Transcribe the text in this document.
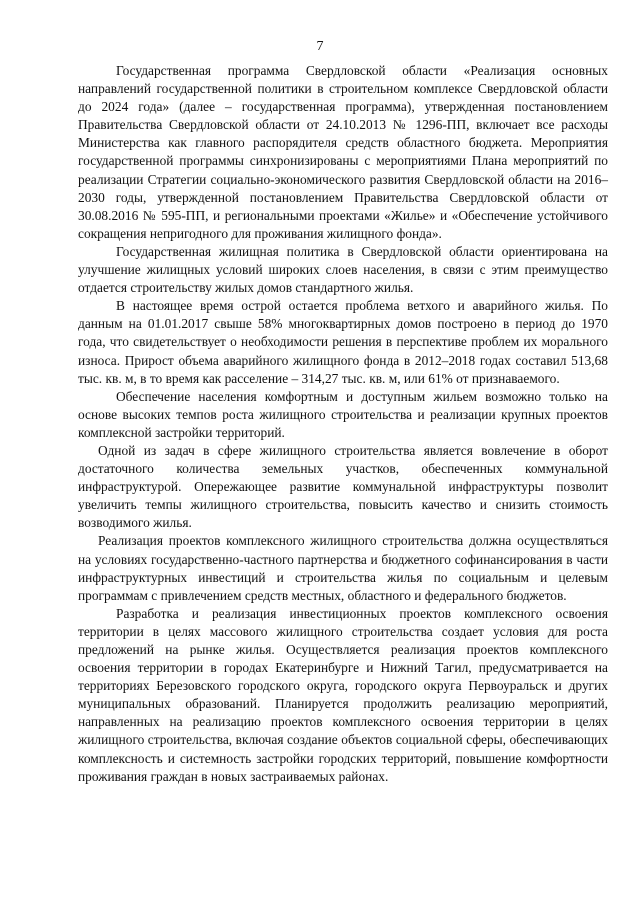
7

Государственная программа Свердловской области «Реализация основных направлений государственной политики в строительном комплексе Свердловской области до 2024 года» (далее – государственная программа), утвержденная постановлением Правительства Свердловской области от 24.10.2013 № 1296-ПП, включает все расходы Министерства как главного распорядителя средств областного бюджета. Мероприятия государственной программы синхронизированы с мероприятиями Плана мероприятий по реализации Стратегии социально-экономического развития Свердловской области на 2016–2030 годы, утвержденной постановлением Правительства Свердловской области от 30.08.2016 № 595-ПП, и региональными проектами «Жилье» и «Обеспечение устойчивого сокращения непригодного для проживания жилищного фонда».

Государственная жилищная политика в Свердловской области ориентирована на улучшение жилищных условий широких слоев населения, в связи с этим преимущество отдается строительству жилых домов стандартного жилья.

В настоящее время острой остается проблема ветхого и аварийного жилья. По данным на 01.01.2017 свыше 58% многоквартирных домов построено в период до 1970 года, что свидетельствует о необходимости решения в перспективе проблем их морального износа. Прирост объема аварийного жилищного фонда в 2012–2018 годах составил 513,68 тыс. кв. м, в то время как расселение – 314,27 тыс. кв. м, или 61% от признаваемого.

Обеспечение населения комфортным и доступным жильем возможно только на основе высоких темпов роста жилищного строительства и реализации крупных проектов комплексной застройки территорий.

Одной из задач в сфере жилищного строительства является вовлечение в оборот достаточного количества земельных участков, обеспеченных коммунальной инфраструктурой. Опережающее развитие коммунальной инфраструктуры позволит увеличить темпы жилищного строительства, повысить качество и снизить стоимость возводимого жилья.

Реализация проектов комплексного жилищного строительства должна осуществляться на условиях государственно-частного партнерства и бюджетного софинансирования в части инфраструктурных инвестиций и строительства жилья по социальным и целевым программам с привлечением средств местных, областного и федерального бюджетов.

Разработка и реализация инвестиционных проектов комплексного освоения территории в целях массового жилищного строительства создает условия для роста предложений на рынке жилья. Осуществляется реализация проектов комплексного освоения территории в городах Екатеринбурге и Нижний Тагил, предусматривается на территориях Березовского городского округа, городского округа Первоуральск и других муниципальных образований. Планируется продолжить реализацию мероприятий, направленных на реализацию проектов комплексного освоения территории в целях жилищного строительства, включая создание объектов социальной сферы, обеспечивающих комплексность и системность застройки городских территорий, повышение комфортности проживания граждан в новых застраиваемых районах.
